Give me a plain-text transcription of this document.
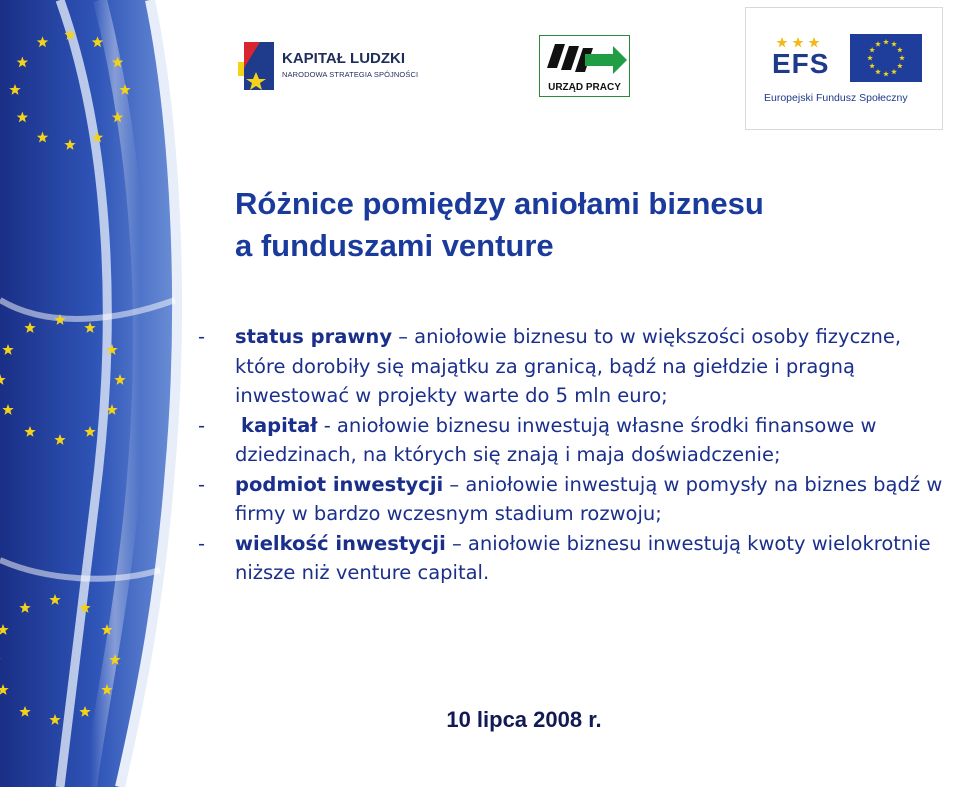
KAPITAŁ LUDZKI
NARODOWA STRATEGIA SPÓJNOŚCI
URZĄD PRACY
EFS
Europejski Fundusz Społeczny
Różnice pomiędzy aniołami biznesu
a funduszami venture
- status prawny – aniołowie biznesu to w większości osoby fizyczne, które dorobiły się majątku za granicą, bądź na giełdzie i pragną inwestować w projekty warte do 5 mln euro;
- kapitał - aniołowie biznesu inwestują własne środki finansowe w dziedzinach, na których się znają i maja doświadczenie;
- podmiot inwestycji – aniołowie inwestują w pomysły na biznes bądź w firmy w bardzo wczesnym stadium rozwoju;
- wielkość inwestycji – aniołowie biznesu inwestują kwoty wielokrotnie niższe niż venture capital.
10 lipca 2008 r.
